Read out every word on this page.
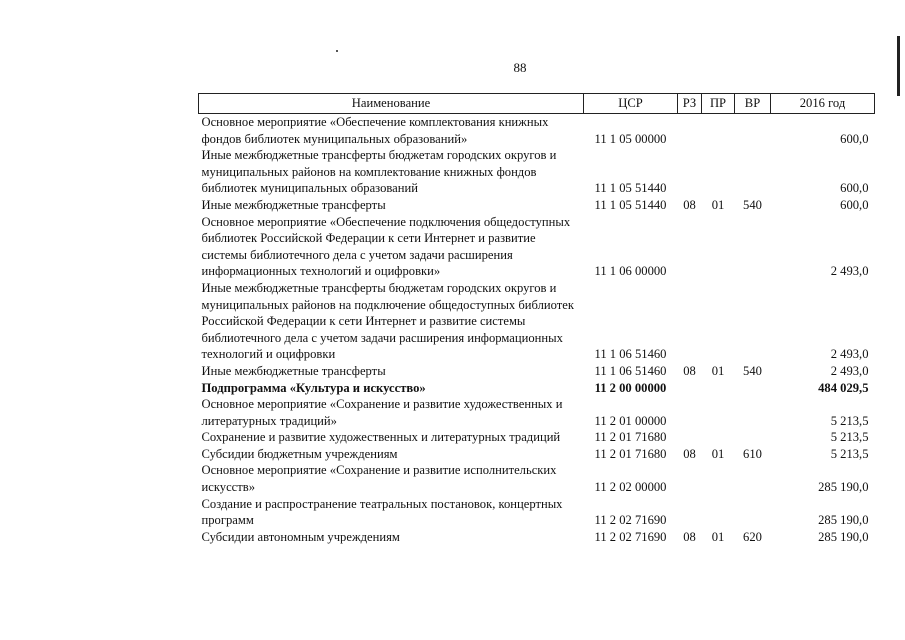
88
Наименование	ЦСР	РЗ	ПР	ВР	2016 год
Основное мероприятие «Обеспечение комплектования книжных фондов библиотек муниципальных образований»	11 1 05 00000				600,0
Иные межбюджетные трансферты бюджетам городских округов и муниципальных районов на комплектование книжных фондов библиотек муниципальных образований	11 1 05 51440				600,0
Иные межбюджетные трансферты	11 1 05 51440	08	01	540	600,0
Основное мероприятие «Обеспечение подключения общедоступных библиотек Российской Федерации к сети Интернет и развитие системы библиотечного дела с учетом задачи расширения информационных технологий и оцифровки»	11 1 06 00000				2 493,0
Иные межбюджетные трансферты бюджетам городских округов и муниципальных районов на подключение общедоступных библиотек Российской Федерации к сети Интернет и развитие системы библиотечного дела с учетом задачи расширения информационных технологий и оцифровки	11 1 06 51460				2 493,0
Иные межбюджетные трансферты	11 1 06 51460	08	01	540	2 493,0
Подпрограмма «Культура и искусство»	11 2 00 00000				484 029,5
Основное мероприятие «Сохранение и развитие художественных и литературных традиций»	11 2 01 00000				5 213,5
Сохранение и развитие художественных и литературных традиций	11 2 01 71680				5 213,5
Субсидии бюджетным учреждениям	11 2 01 71680	08	01	610	5 213,5
Основное мероприятие «Сохранение и развитие исполнительских искусств»	11 2 02 00000				285 190,0
Создание и распространение театральных постановок, концертных программ	11 2 02 71690				285 190,0
Субсидии автономным учреждениям	11 2 02 71690	08	01	620	285 190,0
